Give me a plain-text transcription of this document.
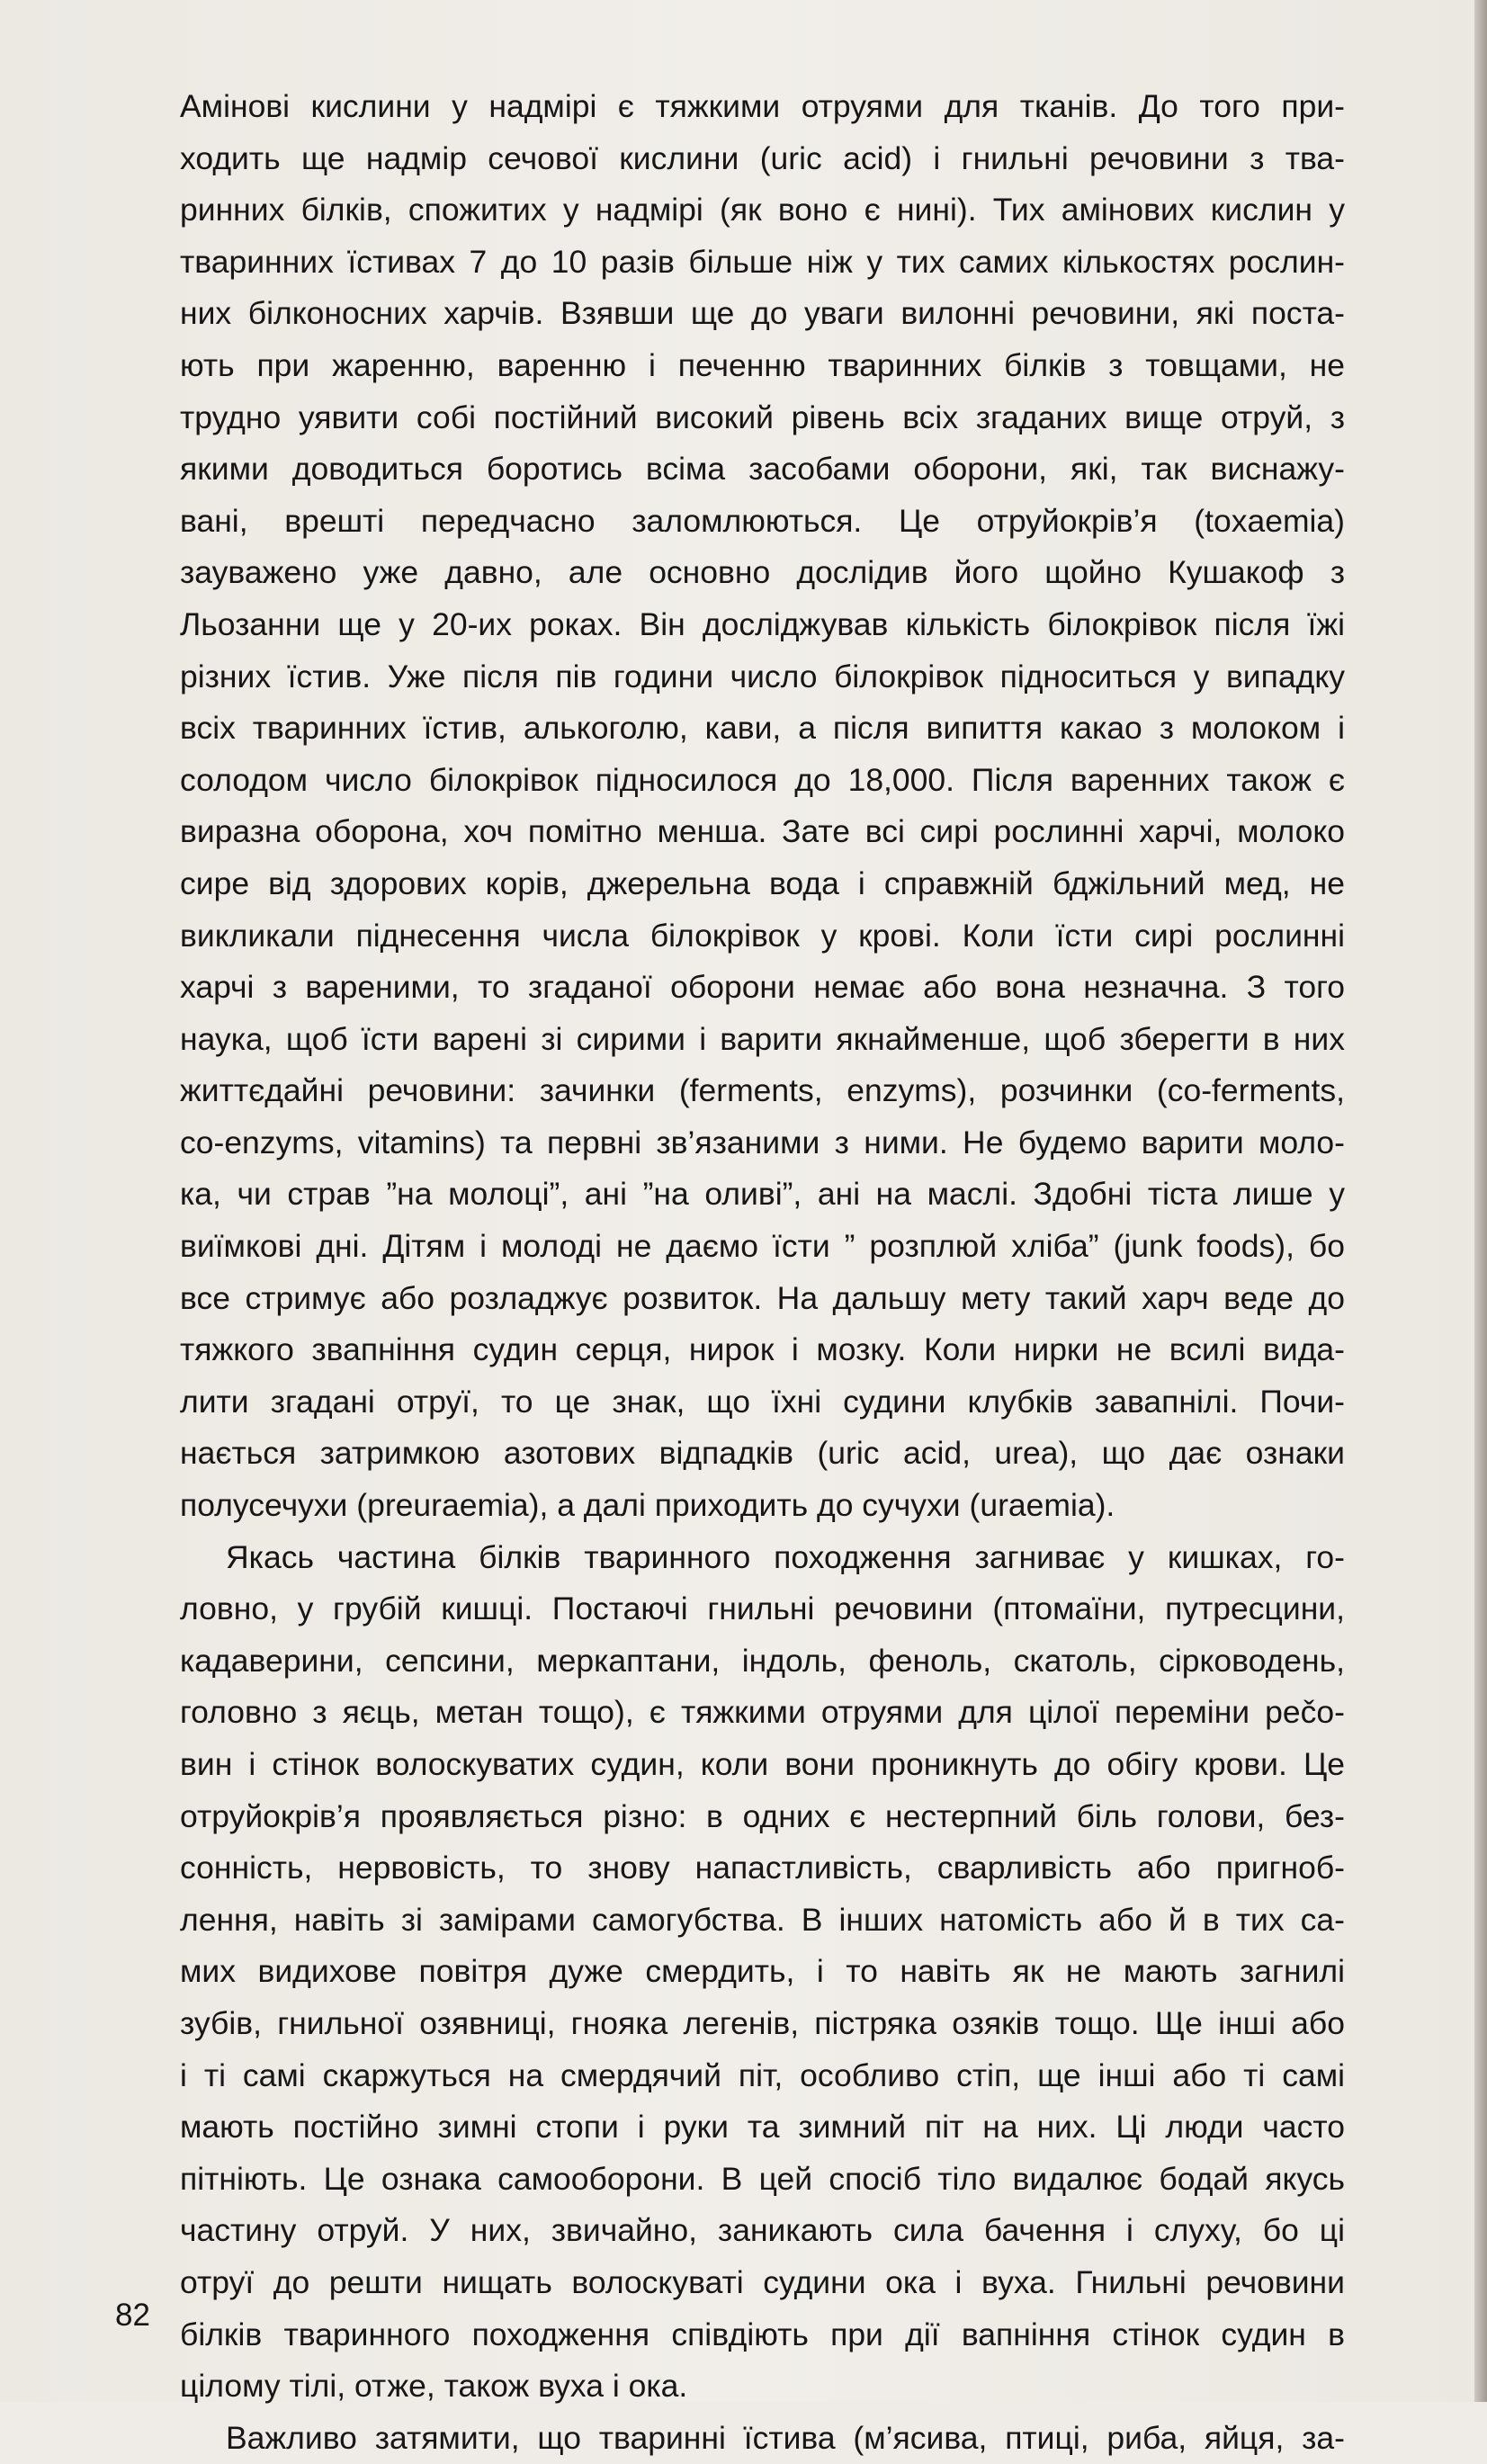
Амінові кислини у надмірі є тяжкими отруями для тканів. До того при-
ходить ще надмір сечової кислини (uric acid) і гнильні речовини з тва-
ринних білків, спожитих у надмірі (як воно є нині). Тих амінових кислин у
тваринних їстивах 7 до 10 разів більше ніж у тих самих кількостях рослин-
них білконосних харчів. Взявши ще до уваги вилонні речовини, які поста-
ють при жаренню, варенню і печенню тваринних білків з товщами, не
трудно уявити собі постійний високий рівень всіх згаданих вище отруй, з
якими доводиться боротись всіма засобами оборони, які, так виснажу-
вані, врешті передчасно заломлюються. Це отруйокрів’я (toxaemia)
зауважено уже давно, але основно дослідив його щойно Кушакоф з
Льозанни ще у 20-их роках. Він досліджував кількість білокрівок після їжі
різних їстив. Уже після пів години число білокрівок підноситься у випадку
всіх тваринних їстив, алькоголю, кави, а після випиття какао з молоком і
солодом число білокрівок підносилося до 18,000. Після варенних також є
виразна оборона, хоч помітно менша. Зате всі сирі рослинні харчі, молоко
сире від здорових корів, джерельна вода і справжній бджільний мед, не
викликали піднесення числа білокрівок у крові. Коли їсти сирі рослинні
харчі з вареними, то згаданої оборони немає або вона незначна. З того
наука, щоб їсти варені зі сирими і варити якнайменше, щоб зберегти в них
життєдайні речовини: зачинки (ferments, enzyms), розчинки (co-ferments,
co-enzyms, vitamins) та первні зв’язаними з ними. Не будемо варити моло-
ка, чи страв ”на молоці”, ані ”на оливі”, ані на маслі. Здобні тіста лише у
виїмкові дні. Дітям і молоді не даємо їсти ” розплюй хліба” (junk foods), бо
все стримує або розладжує розвиток. На дальшу мету такий харч веде до
тяжкого звапніння судин серця, нирок і мозку. Коли нирки не всилі вида-
лити згадані отруї, то це знак, що їхні судини клубків завапнілі. Почи-
нається затримкою азотових відпадків (uric acid, urea), що дає ознаки
полусечухи (preuraemia), а далі приходить до сучухи (uraemia).
Якась частина білків тваринного походження загниває у кишках, го-
ловно, у грубій кишці. Постаючі гнильні речовини (птомаїни, путресцини,
кадаверини, сепсини, меркаптани, індоль, феноль, скатоль, сірководень,
головно з яєць, метан тощо), є тяжкими отруями для цілої переміни рečo-
вин і стінок волоскуватих судин, коли вони проникнуть до обігу крови. Це
отруйокрів’я проявляється різно: в одних є нестерпний біль голови, без-
сонність, нервовість, то знову напастливість, сварливість або пригноб-
лення, навіть зі замірами самогубства. В інших натомість або й в тих са-
мих видихове повітря дуже смердить, і то навіть як не мають загнилі
зубів, гнильної озявниці, гнояка легенів, пістряка озяків тощо. Ще інші або
і ті самі скаржуться на смердячий піт, особливо стіп, ще інші або ті самі
мають постійно зимні стопи і руки та зимний піт на них. Ці люди часто
пітніють. Це ознака самооборони. В цей спосіб тіло видалює бодай якусь
частину отруй. У них, звичайно, заникають сила бачення і слуху, бо ці
отруї до решти нищать волоскуваті судини ока і вуха. Гнильні речовини
білків тваринного походження співдіють при дії вапніння стінок судин в
цілому тілі, отже, також вуха і ока.
Важливо затямити, що тваринні їстива (м’ясива, птиці, риба, яйця, за-
82
